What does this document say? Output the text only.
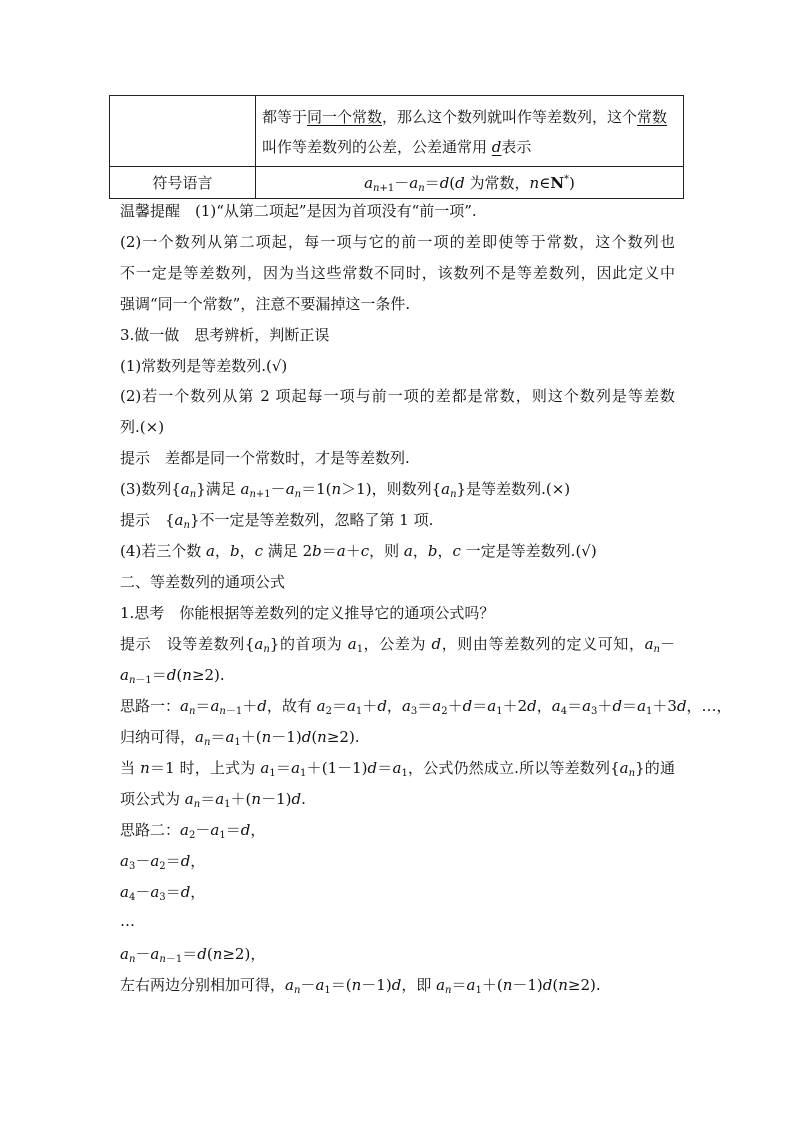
	都等于同一个常数，那么这个数列就叫作等差数列，这个常数叫作等差数列的公差，公差通常用 d表示
符号语言	$a_{n+1}-a_n=d(d$ 为常数，n∈N*)
温馨提醒　(1)“从第二项起”是因为首项没有“前一项”.
(2)一个数列从第二项起，每一项与它的前一项的差即使等于常数，这个数列也
不一定是等差数列，因为当这些常数不同时，该数列不是等差数列，因此定义中
强调“同一个常数”，注意不要漏掉这一条件.
3.做一做　思考辨析，判断正误
(1)常数列是等差数列.(√)
(2)若一个数列从第 2 项起每一项与前一项的差都是常数，则这个数列是等差数
列.(×)
提示　差都是同一个常数时，才是等差数列.
(3)数列$\{a_n\}$满足 $a_{n+1}-a_n=1(n>1)$，则数列$\{a_n\}$是等差数列.(×)
提示　$\{a_n\}$不一定是等差数列，忽略了第 1 项.
(4)若三个数 a，b，c 满足 2b＝a＋c，则 a，b，c 一定是等差数列.(√)
二、等差数列的通项公式
1.思考　你能根据等差数列的定义推导它的通项公式吗？
提示　设等差数列$\{a_n\}$的首项为 $a_1$，公差为 d，则由等差数列的定义可知，$a_n-$
$a_{n-1}=d(n\ge 2)$.
思路一：$a_n=a_{n-1}+d$，故有 $a_2=a_1+d$，$a_3=a_2+d=a_1+2d$，$a_4=a_3+d=a_1+3d$，…，
归纳可得，$a_n=a_1+(n-1)d(n\ge 2)$.
当 n＝1 时，上式为 $a_1=a_1+(1-1)d=a_1$，公式仍然成立.所以等差数列$\{a_n\}$的通
项公式为 $a_n=a_1+(n-1)d$.
思路二：$a_2-a_1=d$，
$a_3-a_2=d$，
$a_4-a_3=d$，
…
$a_n-a_{n-1}=d(n\ge 2)$，
左右两边分别相加可得，$a_n-a_1=(n-1)d$，即 $a_n=a_1+(n-1)d(n\ge 2)$.
